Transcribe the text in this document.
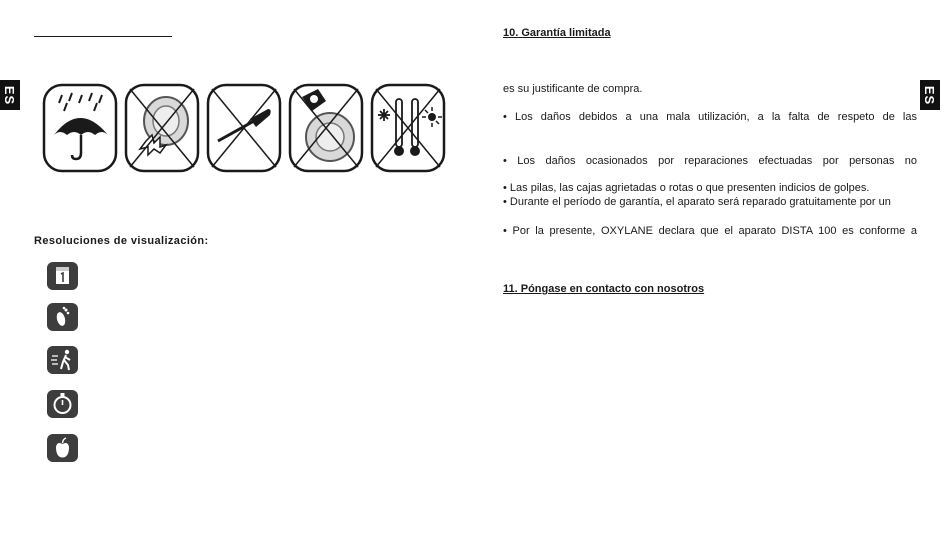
ES
Resoluciones de visualización:
ES
10. Garantía limitada
es su justificante de compra.
• Los daños debidos a una mala utilización, a la falta de respeto de las
• Los daños ocasionados por reparaciones efectuadas por personas no
• Las pilas, las cajas agrietadas o rotas o que presenten indicios de golpes.
• Durante el período de garantía, el aparato será reparado gratuitamente por un
• Por la presente, OXYLANE declara que el aparato DISTA 100 es conforme a
11. Póngase en contacto con nosotros
